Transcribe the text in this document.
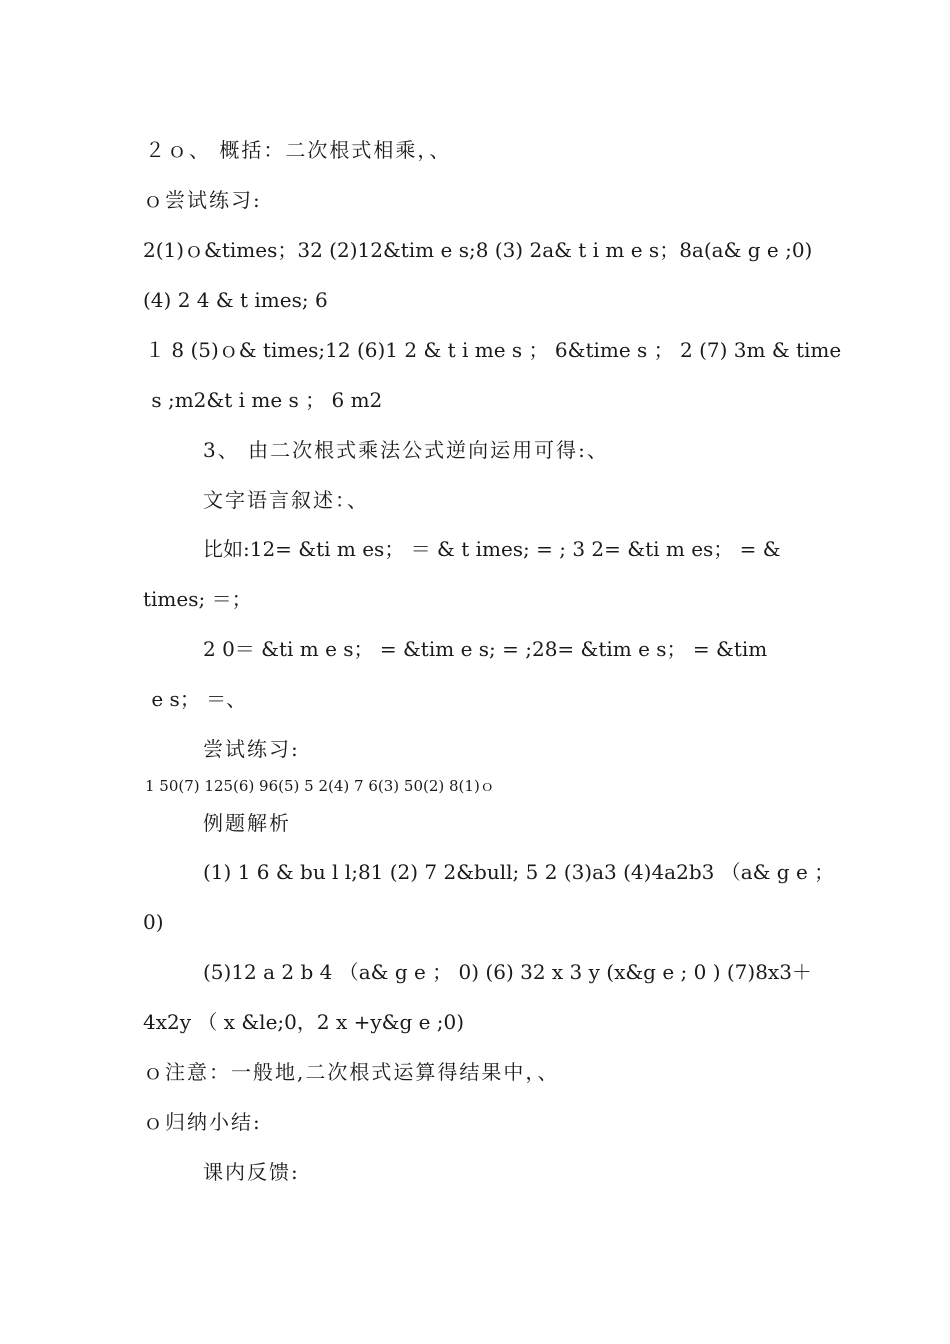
２ｏ、 概括：二次根式相乘，、
ｏ尝试练习:
2(1)ｏ&times；32 (2)12&tim e s;8 (3) 2a& t i m e s；8a(a& g e ;0)
(4) 2 4 & t imes; 6
１ 8 (5)ｏ& times;12 (6)1 2 & t i me s ； 6&time s ； 2 (7) 3m & time
s ;m2&t i me s ； 6 m2
3、 由二次根式乘法公式逆向运用可得:、
文字语言叙述：、
比如:12= &ti m es； ＝ & t imes; = ; 3 2= &ti m es； = &
times; ＝；
2 0＝ &ti m e s； = &tim e s; = ;28= &tim e s； = &tim
e s； ＝、
尝试练习:
1 50(7) 125(6) 96(5) 5 2(4) 7 6(3) 50(2) 8(1)ｏ
例题解析
(1) 1 6 & bu l l;81 (2) 7 2&bull; 5 2 (3)a3 (4)4a2b3 （a& g e ；
0)
(5)12 a 2 b 4 （a& g e ； 0) (6) 32 x 3 y (x&g e ; 0 ) (7)8x3＋
4x2y （ x &le;0，2 x +y&g e ;0)
ｏ注意：一般地,二次根式运算得结果中，、
ｏ归纳小结:
课内反馈:
